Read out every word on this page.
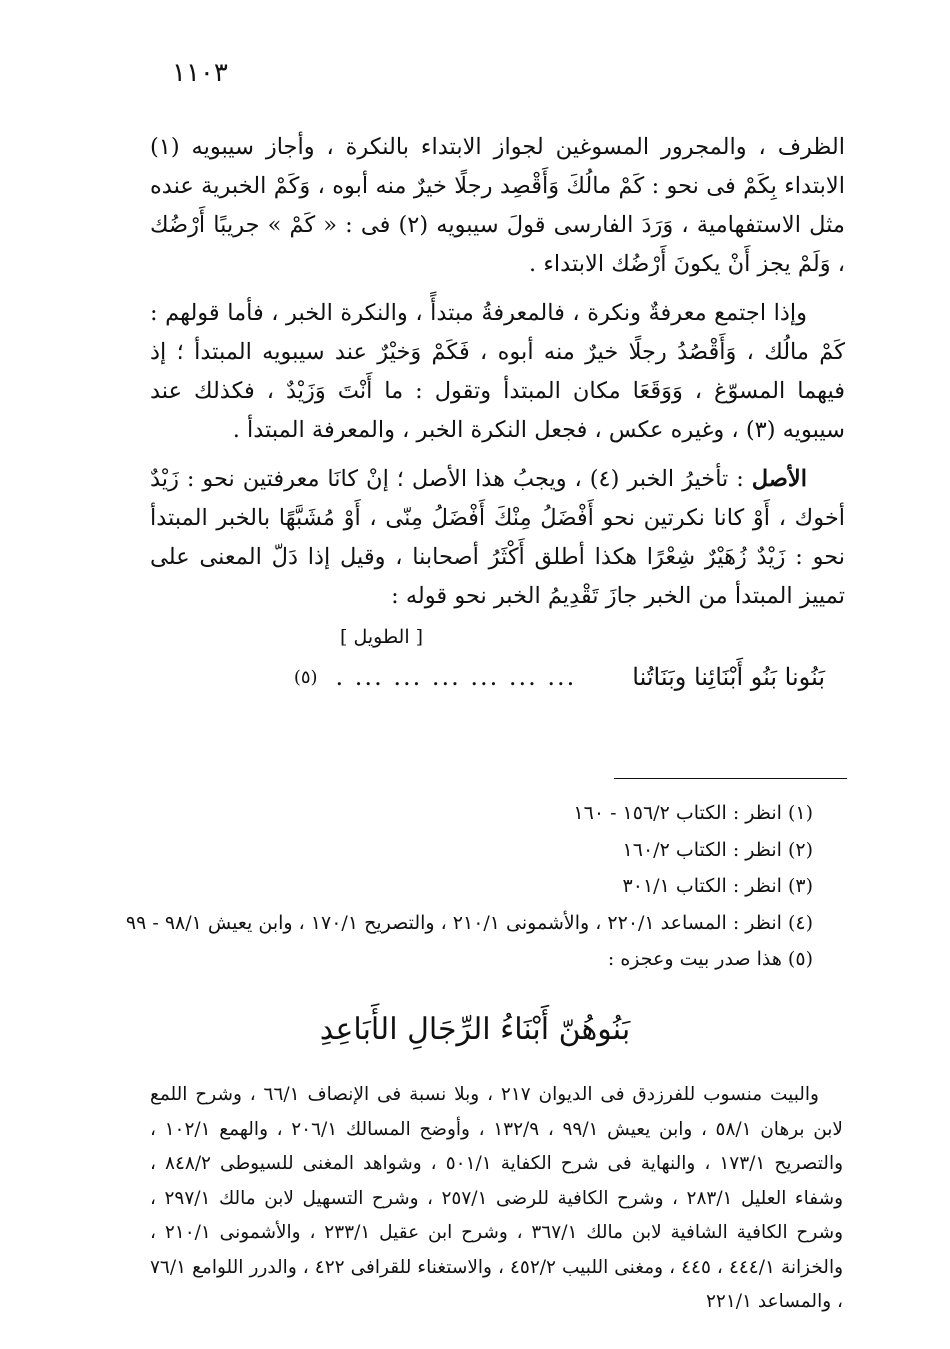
١١٠٣

الظرف ، والمجرور المسوغين لجواز الابتداء بالنكرة ، وأجاز سيبويه (١) الابتداء بِكَمْ فى نحو : كَمْ مالُكَ وَأَقْصِد رجلًا خيرٌ منه أبوه ، وَكَمْ الخبرية عنده مثل الاستفهامية ، وَرَدَ الفارسى قولَ سيبويه (٢) فى : « كَمْ » جريبًا أَرْضُك ، وَلَمْ يجز أَنْ يكونَ أَرْضُك الابتداء .

وإذا اجتمع معرفةٌ ونكرة ، فالمعرفةُ مبتدأً ، والنكرة الخبر ، فأما قولهم : كَمْ مالُك ، وَأَقْصُدُ رجلًا خيرٌ منه أبوه ، فَكَمْ وَخيْرٌ عند سيبويه المبتدأ ؛ إذ فيهما المسوّغ ، وَوَقَعَا مكان المبتدأ وتقول : ما أَنْتَ وَزَيْدٌ ، فكذلك عند سيبويه (٣) ، وغيره عكس ، فجعل النكرة الخبر ، والمعرفة المبتدأ .

الأصل : تأخيرُ الخبر (٤) ، ويجبُ هذا الأصل ؛ إنْ كانَا معرفتين نحو : زَيْدٌ أخوك ، أَوْ كانا نكرتين نحو أَفْضَلُ مِنْكَ أَفْضَلُ مِنّى ، أَوْ مُشَبَّهًا بالخبر المبتدأ نحو : زَيْدٌ زُهَيْرٌ شِعْرًا هكذا أطلق أَكْثَرُ أصحابنا ، وقيل إذا دَلّ المعنى على تمييز المبتدأ من الخبر جازَ تَقْدِيمُ الخبر نحو قوله :

[ الطويل ]
بَنُونا بَنُو أَبْنَائِنا وبَنَاتُنا
... ... ... ... ... ... .
(٥)
(١) انظر : الكتاب ١٥٦/٢ - ١٦٠
(٢) انظر : الكتاب ١٦٠/٢
(٣) انظر : الكتاب ٣٠١/١
(٤) انظر : المساعد ٢٢٠/١ ، والأشمونى ٢١٠/١ ، والتصريح ١٧٠/١ ، وابن يعيش ٩٨/١ - ٩٩
(٥) هذا صدر بيت وعجزه :
بَنُوهُنّ أَبْنَاءُ الرِّجَالِ الأَبَاعِدِ

والبيت منسوب للفرزدق فى الديوان ٢١٧ ، وبلا نسبة فى الإنصاف ٦٦/١ ، وشرح اللمع لابن برهان ٥٨/١ ، وابن يعيش ٩٩/١ ، ١٣٢/٩ ، وأوضح المسالك ٢٠٦/١ ، والهمع ١٠٢/١ ، والتصريح ١٧٣/١ ، والنهاية فى شرح الكفاية ٥٠١/١ ، وشواهد المغنى للسيوطى ٨٤٨/٢ ، وشفاء العليل ٢٨٣/١ ، وشرح الكافية للرضى ٢٥٧/١ ، وشرح التسهيل لابن مالك ٢٩٧/١ ، وشرح الكافية الشافية لابن مالك ٣٦٧/١ ، وشرح ابن عقيل ٢٣٣/١ ، والأشمونى ٢١٠/١ ، والخزانة ٤٤٤/١ ، ٤٤٥ ، ومغنى اللبيب ٤٥٢/٢ ، والاستغناء للقرافى ٤٢٢ ، والدرر اللوامع ٧٦/١ ، والمساعد ٢٢١/١
